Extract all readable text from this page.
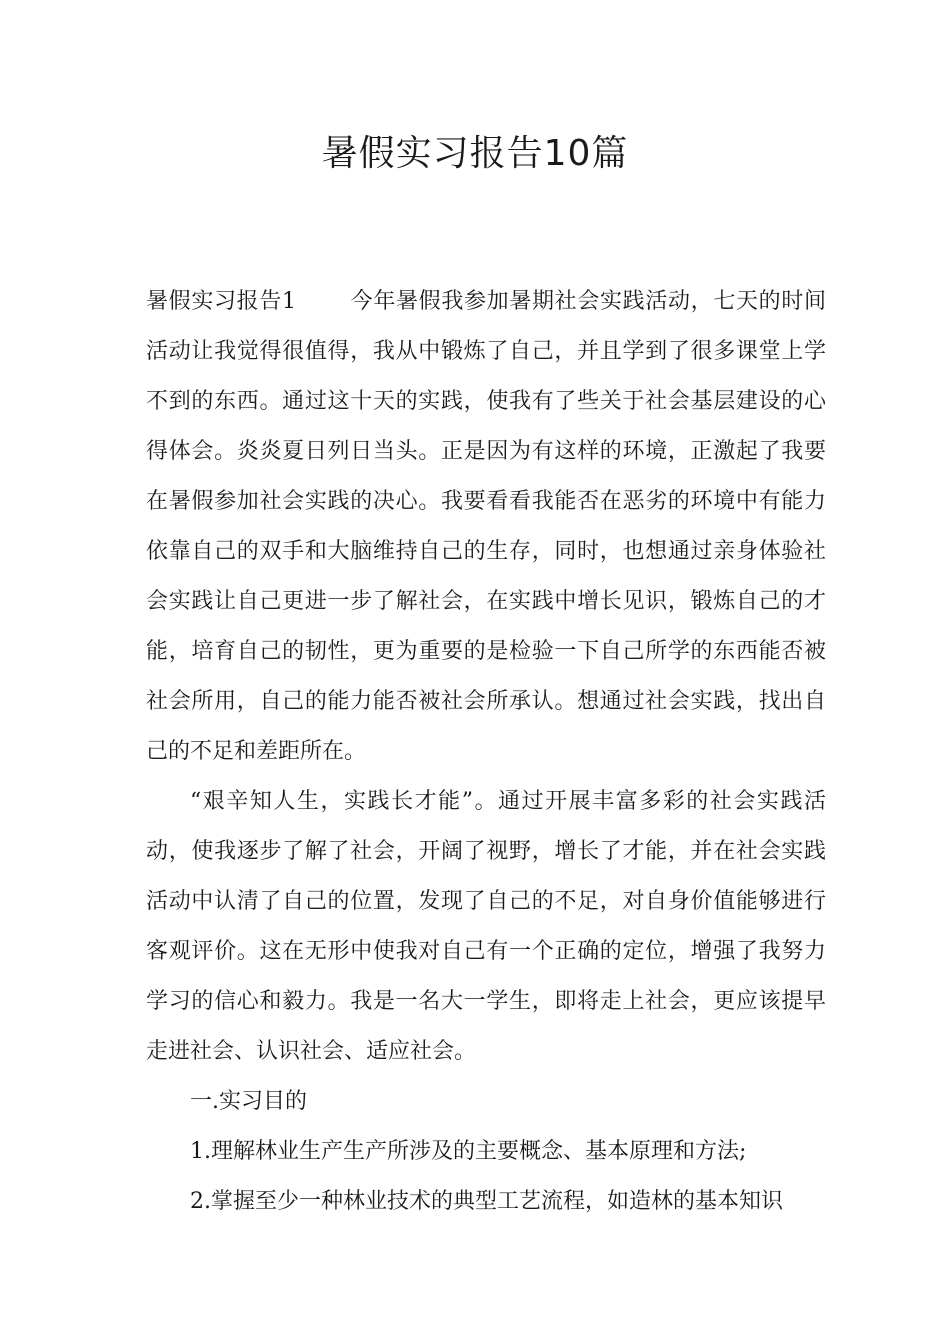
暑假实习报告10篇

暑假实习报告1 今年暑假我参加暑期社会实践活动，七天的时间活动让我觉得很值得，我从中锻炼了自己，并且学到了很多课堂上学不到的东西。通过这十天的实践，使我有了些关于社会基层建设的心得体会。炎炎夏日列日当头。正是因为有这样的环境，正激起了我要在暑假参加社会实践的决心。我要看看我能否在恶劣的环境中有能力依靠自己的双手和大脑维持自己的生存，同时，也想通过亲身体验社会实践让自己更进一步了解社会，在实践中增长见识，锻炼自己的才能，培育自己的韧性，更为重要的是检验一下自己所学的东西能否被社会所用，自己的能力能否被社会所承认。想通过社会实践，找出自己的不足和差距所在。

“艰辛知人生，实践长才能”。通过开展丰富多彩的社会实践活动，使我逐步了解了社会，开阔了视野，增长了才能，并在社会实践活动中认清了自己的位置，发现了自己的不足，对自身价值能够进行客观评价。这在无形中使我对自己有一个正确的定位，增强了我努力学习的信心和毅力。我是一名大一学生，即将走上社会，更应该提早走进社会、认识社会、适应社会。

一.实习目的

1.理解林业生产生产所涉及的主要概念、基本原理和方法;

2.掌握至少一种林业技术的典型工艺流程，如造林的基本知识
